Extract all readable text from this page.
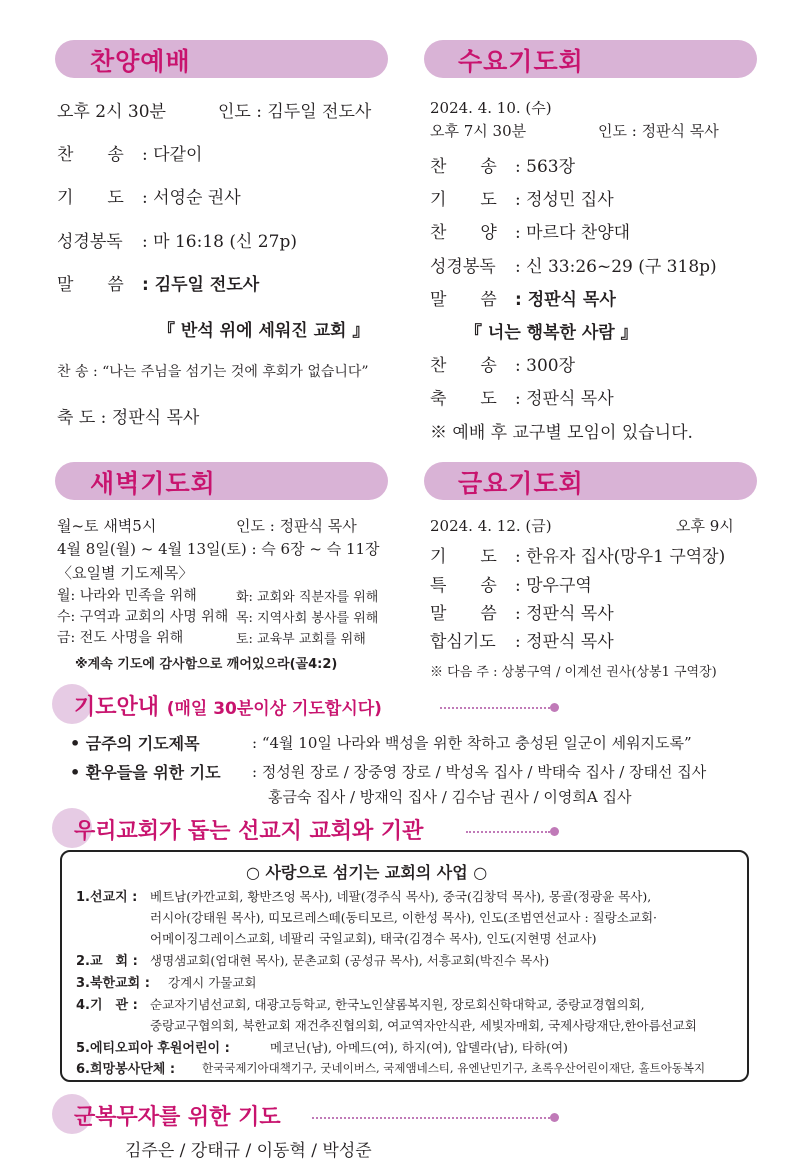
찬양예배
오후 2시 30분	인도 : 김두일 전도사
찬　　송 : 다같이
기　　도 : 서영순 권사
성경봉독 : 마 16:18 (신 27p)
말　　씀 : 김두일 전도사
『 반석 위에 세워진 교회 』
찬 송 : “나는 주님을 섬기는 것에 후회가 없습니다”
축 도 : 정판식 목사
수요기도회
2024. 4. 10. (수)
오후 7시 30분	인도 : 정판식 목사
찬　　송 : 563장
기　　도 : 정성민 집사
찬　　양 : 마르다 찬양대
성경봉독 : 신 33:26~29 (구 318p)
말　　씀 : 정판식 목사
『 너는 행복한 사람 』
찬　　송 : 300장
축　　도 : 정판식 목사
※ 예배 후 교구별 모임이 있습니다.
새벽기도회
월~토 새벽5시	인도 : 정판식 목사
4월 8일(월) ~ 4월 13일(토) : 슥 6장 ~ 슥 11장
〈요일별 기도제목〉
월: 나라와 민족을 위해	화: 교회와 직분자를 위해
수: 구역과 교회의 사명 위해 목: 지역사회 봉사를 위해
금: 전도 사명을 위해	토: 교육부 교회를 위해
※계속 기도에 감사함으로 깨어있으라(골4:2)
금요기도회
2024. 4. 12. (금)	오후 9시
기　　도 : 한유자 집사(망우1 구역장)
특　　송 : 망우구역
말　　씀 : 정판식 목사
합심기도 : 정판식 목사
※ 다음 주 : 상봉구역 / 이계선 권사(상봉1 구역장)
기도안내 (매일 30분이상 기도합시다)
• 금주의 기도제목	: “4월 10일 나라와 백성을 위한 착하고 충성된 일군이 세워지도록”
• 환우들을 위한 기도 : 정성원 장로 / 장중영 장로 / 박성옥 집사 / 박태숙 집사 / 장태선 집사
홍금숙 집사 / 방재익 집사 / 김수남 권사 / 이영희A 집사
우리교회가 돕는 선교지 교회와 기관
○ 사랑으로 섬기는 교회의 사업 ○
1.선교지 : 베트남(카깐교회, 황반즈엉 목사), 네팔(경주식 목사), 중국(김창덕 목사), 몽골(정광윤 목사),
러시아(강태원 목사), 띠모르레스떼(동티모르, 이한성 목사), 인도(조범연선교사 : 질랑소교회·
어메이징그레이스교회, 네팔리 국일교회), 태국(김경수 목사), 인도(지현명 선교사)
2.교　회 : 생명샘교회(엄대현 목사), 문촌교회 (공성규 목사), 서흥교회(박진수 목사)
3.북한교회 : 강계시 가물교회
4.기　관 : 순교자기념선교회, 대광고등학교, 한국노인샬롬복지원, 장로회신학대학교, 중랑교경협의회,
중랑교구협의회, 북한교회 재건추진협의회, 여교역자안식관, 세빛자매회, 국제사랑재단,한아름선교회
5.에티오피아 후원어린이 :	메코닌(남), 아메드(여), 하지(여), 압델라(남), 타하(여)
6.희망봉사단체 : 한국국제기아대책기구, 굿네이버스, 국제앰네스티, 유엔난민기구, 초록우산어린이재단, 홀트아동복지
군복무자를 위한 기도
김주은 / 강태규 / 이동혁 / 박성준
